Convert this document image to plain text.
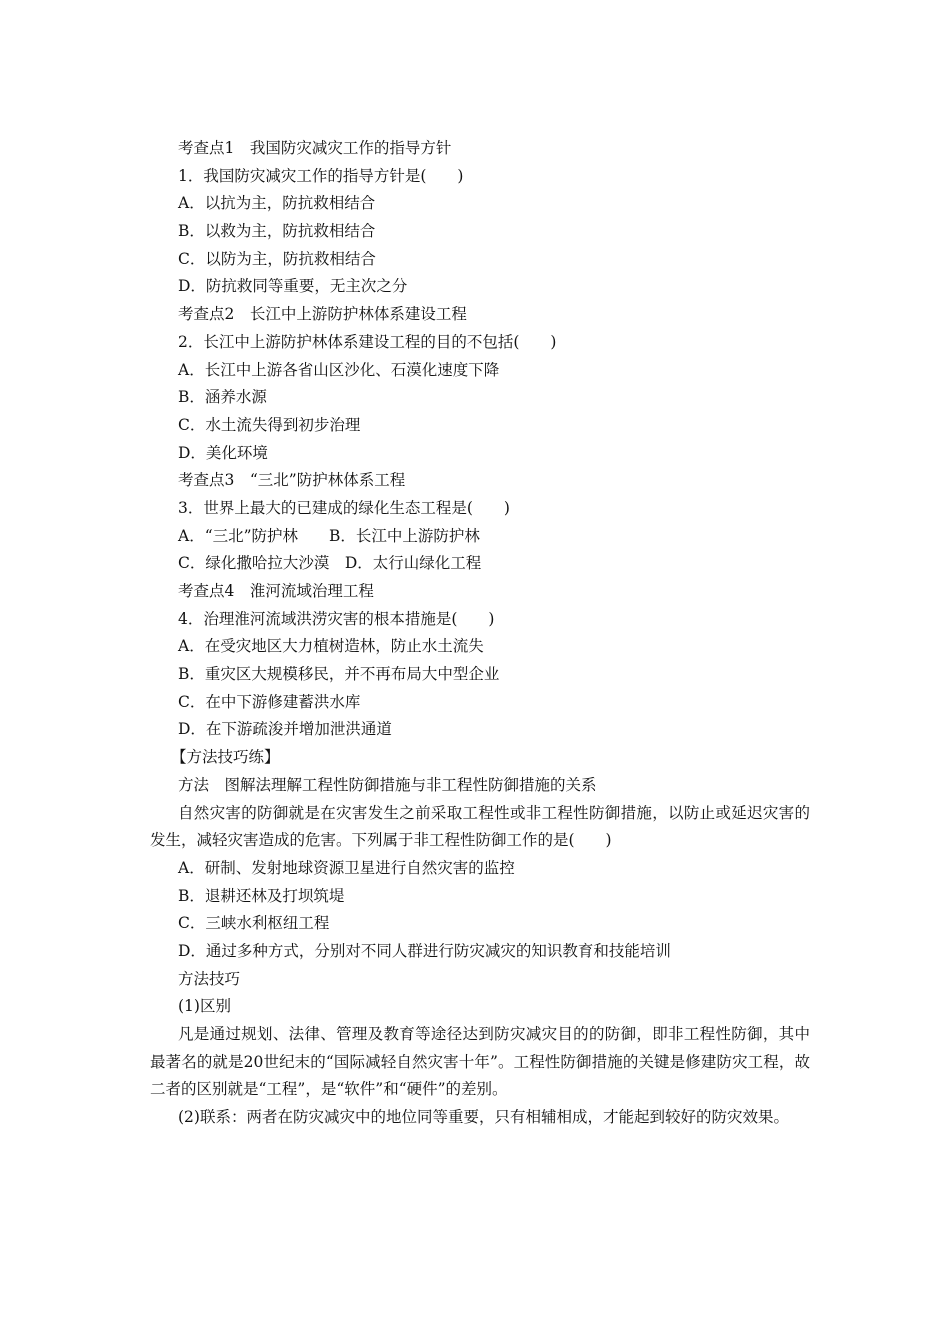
考查点1　我国防灾减灾工作的指导方针
1．我国防灾减灾工作的指导方针是(　　)
A．以抗为主，防抗救相结合
B．以救为主，防抗救相结合
C．以防为主，防抗救相结合
D．防抗救同等重要，无主次之分
考查点2　长江中上游防护林体系建设工程
2．长江中上游防护林体系建设工程的目的不包括(　　)
A．长江中上游各省山区沙化、石漠化速度下降
B．涵养水源
C．水土流失得到初步治理
D．美化环境
考查点3　“三北”防护林体系工程
3．世界上最大的已建成的绿化生态工程是(　　)
A．“三北”防护林　　B．长江中上游防护林
C．绿化撒哈拉大沙漠　D．太行山绿化工程
考查点4　淮河流域治理工程
4．治理淮河流域洪涝灾害的根本措施是(　　)
A．在受灾地区大力植树造林，防止水土流失
B．重灾区大规模移民，并不再布局大中型企业
C．在中下游修建蓄洪水库
D．在下游疏浚并增加泄洪通道
【方法技巧练】
方法　图解法理解工程性防御措施与非工程性防御措施的关系
自然灾害的防御就是在灾害发生之前采取工程性或非工程性防御措施，以防止或延迟灾害的发生，减轻灾害造成的危害。下列属于非工程性防御工作的是(　　)
A．研制、发射地球资源卫星进行自然灾害的监控
B．退耕还林及打坝筑堤
C．三峡水利枢纽工程
D．通过多种方式，分别对不同人群进行防灾减灾的知识教育和技能培训
方法技巧
(1)区别
凡是通过规划、法律、管理及教育等途径达到防灾减灾目的的防御，即非工程性防御，其中最著名的就是20世纪末的“国际减轻自然灾害十年”。工程性防御措施的关键是修建防灾工程，故二者的区别就是“工程”，是“软件”和“硬件”的差别。
(2)联系：两者在防灾减灾中的地位同等重要，只有相辅相成，才能起到较好的防灾效果。
